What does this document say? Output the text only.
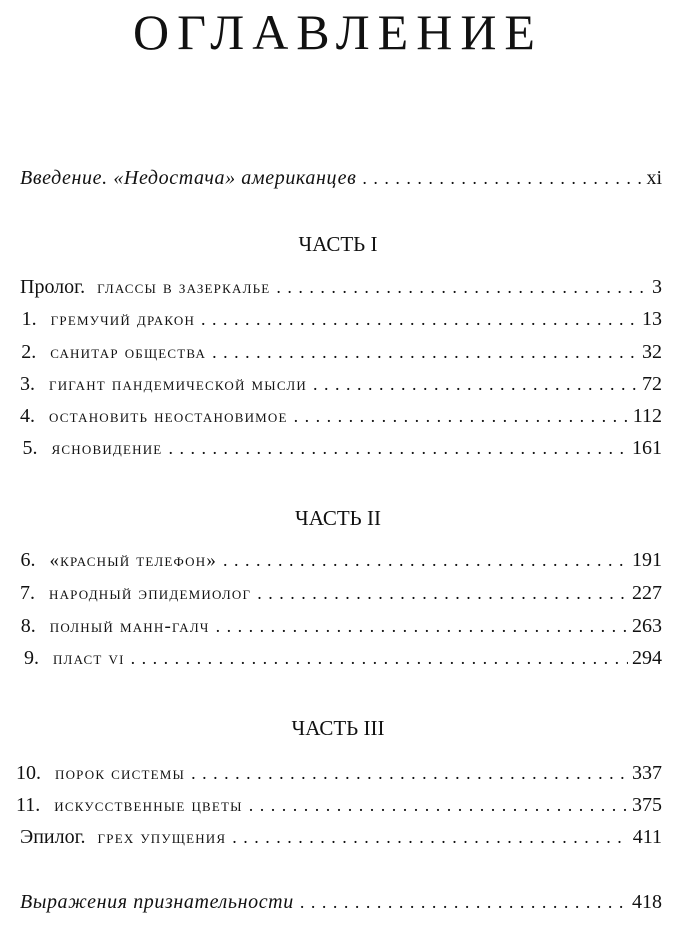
ОГЛАВЛЕНИЕ
Введение. «Недостача» американцев . . .	xi
ЧАСТЬ I
Пролог. глассы в зазеркалье . . .	3
1. гремучий дракон . . .	13
2. санитар общества . . .	32
3. гигант пандемической мысли . . .	72
4. остановить неостановимое . . .	112
5. ясновидение . . .	161
ЧАСТЬ II
6. «красный телефон» . . .	191
7. народный эпидемиолог . . .	227
8. полный манн-галч . . .	263
9. пласт vi . . .	294
ЧАСТЬ III
10. порок системы . . .	337
11. искусственные цветы . . .	375
Эпилог. грех упущения . . .	411
Выражения признательности . . .	418
